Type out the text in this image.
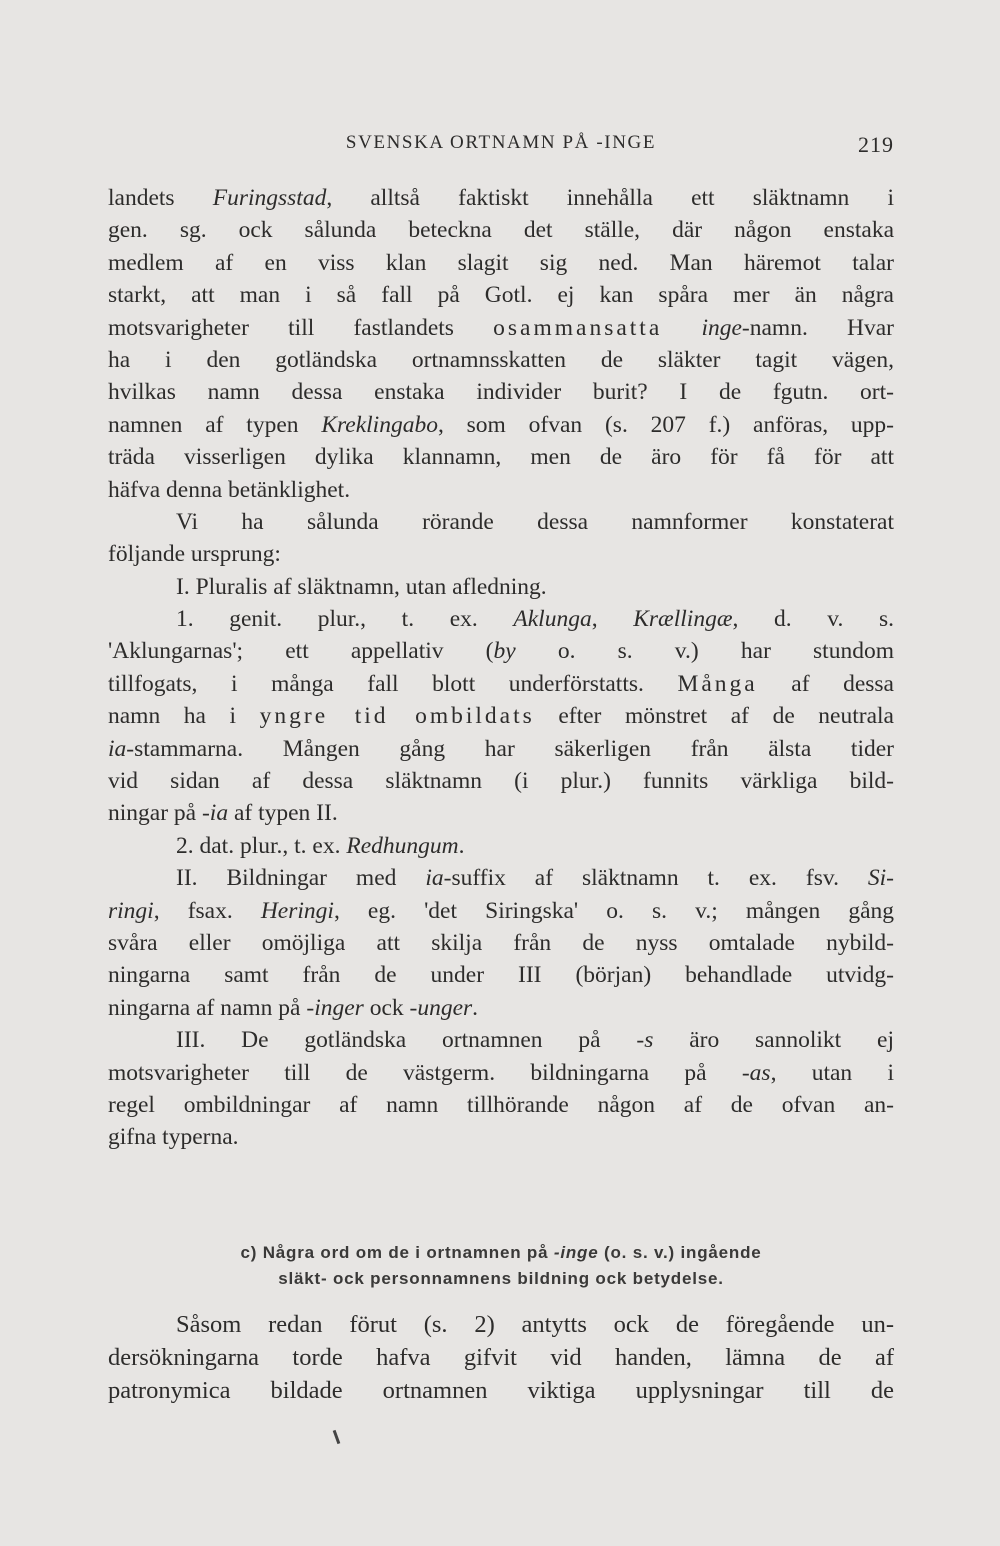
SVENSKA ORTNAMN PÅ -INGE	219
landets Furingsstad, alltså faktiskt innehålla ett släktnamn i
gen. sg. ock sålunda beteckna det ställe, där någon enstaka
medlem af en viss klan slagit sig ned. Man häremot talar
starkt, att man i så fall på Gotl. ej kan spåra mer än några
motsvarigheter till fastlandets osammansatta inge-namn. Hvar
ha i den gotländska ortnamnsskatten de släkter tagit vägen,
hvilkas namn dessa enstaka individer burit? I de fgutn. ort-
namnen af typen Kreklingabo, som ofvan (s. 207 f.) anföras, upp-
träda visserligen dylika klannamn, men de äro för få för att
häfva denna betänklighet.
Vi ha sålunda rörande dessa namnformer konstaterat
följande ursprung:
I. Pluralis af släktnamn, utan afledning.
1. genit. plur., t. ex. Aklunga, Krællingæ, d. v. s.
'Aklungarnas'; ett appellativ (by o. s. v.) har stundom
tillfogats, i många fall blott underförstatts. Många af dessa
namn ha i yngre tid ombildats efter mönstret af de neutrala
ia-stammarna. Mången gång har säkerligen från älsta tider
vid sidan af dessa släktnamn (i plur.) funnits värkliga bild-
ningar på -ia af typen II.
2. dat. plur., t. ex. Redhungum.
II. Bildningar med ia-suffix af släktnamn t. ex. fsv. Si-
ringi, fsax. Heringi, eg. 'det Siringska' o. s. v.; mången gång
svåra eller omöjliga att skilja från de nyss omtalade nybild-
ningarna samt från de under III (början) behandlade utvidg-
ningarna af namn på -inger ock -unger.
III. De gotländska ortnamnen på -s äro sannolikt ej
motsvarigheter till de västgerm. bildningarna på -as, utan i
regel ombildningar af namn tillhörande någon af de ofvan an-
gifna typerna.
c) Några ord om de i ortnamnen på -inge (o. s. v.) ingående
släkt- ock personnamnens bildning ock betydelse.
Såsom redan förut (s. 2) antytts ock de föregående un-
dersökningarna torde hafva gifvit vid handen, lämna de af
patronymica bildade ortnamnen viktiga upplysningar till de
